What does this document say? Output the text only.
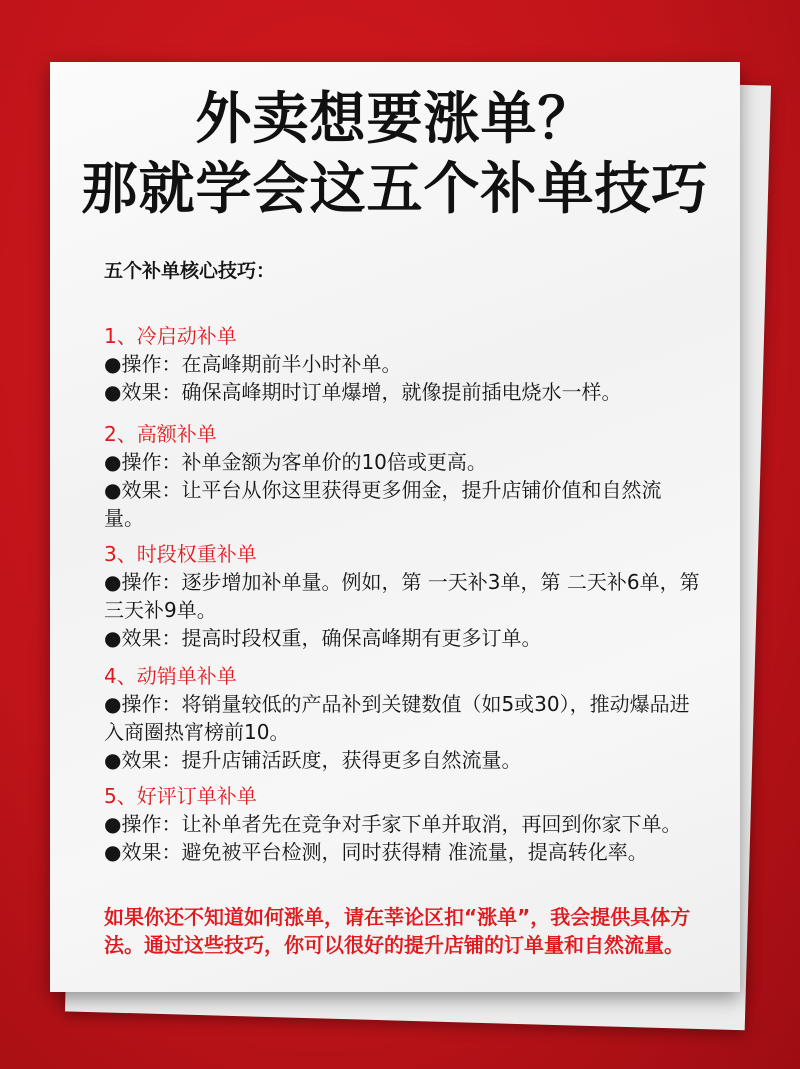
外卖想要涨单？
那就学会这五个补单技巧
五个补单核心技巧：
1、冷启动补单
●操作：在高峰期前半小时补单。
●效果：确保高峰期时订单爆增，就像提前插电烧水一样。
2、高额补单
●操作：补单金额为客单价的10倍或更高。
●效果：让平台从你这里获得更多佣金，提升店铺价值和自然流
量。
3、时段权重补单
●操作：逐步增加补单量。例如，第 一天补3单，第 二天补6单，第
三天补9单。
●效果：提高时段权重，确保高峰期有更多订单。
4、动销单补单
●操作：将销量较低的产品补到关键数值（如5或30），推动爆品进
入商圈热宵榜前10。
●效果：提升店铺活跃度，获得更多自然流量。
5、好评订单补单
●操作：让补单者先在竞争对手家下单并取消，再回到你家下单。
●效果：避免被平台检测，同时获得精 准流量，提高转化率。
如果你还不知道如何涨单，请在莘论区扣“涨单”，我会提供具体方法。通过这些技巧，你可以很好的提升店铺的订单量和自然流量。
